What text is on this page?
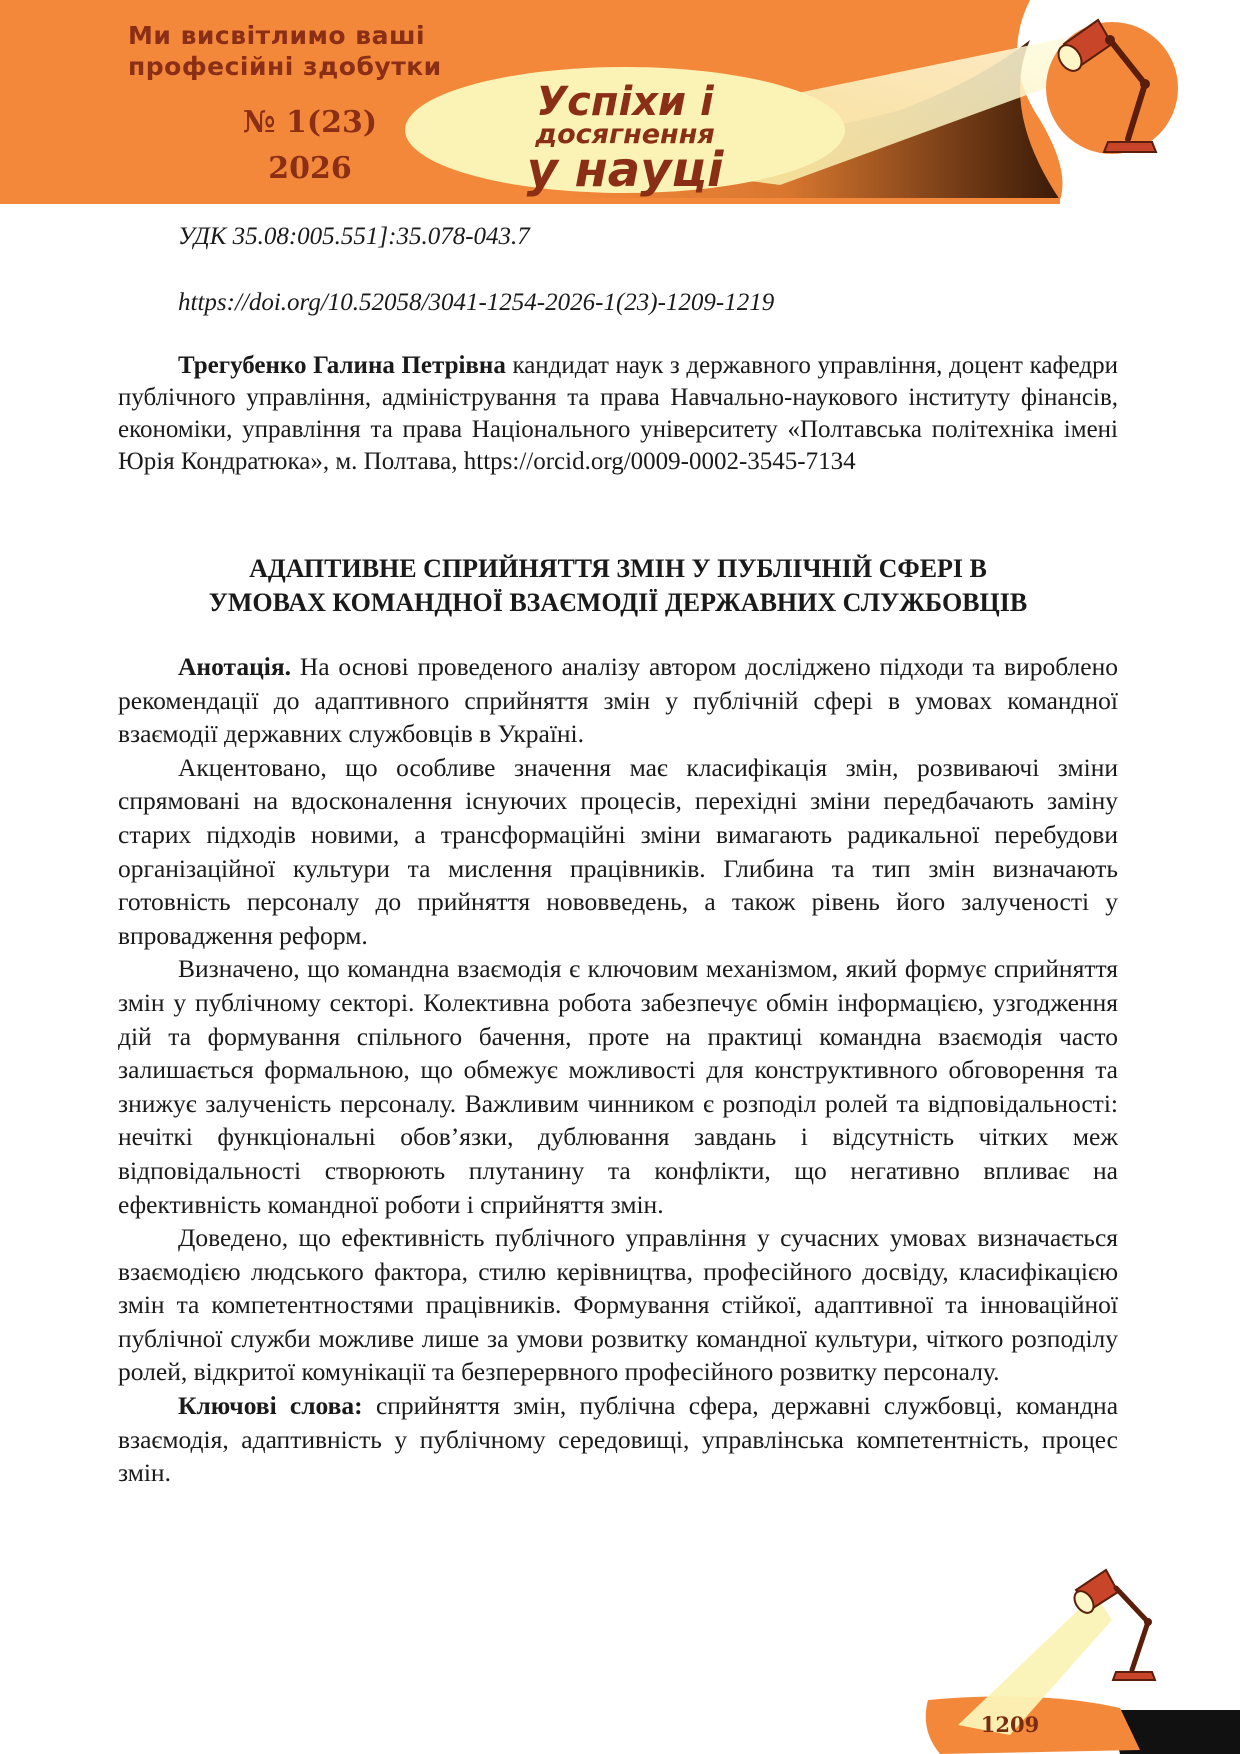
Ми висвітлимо ваші
професійні здобутки
№ 1(23)
2026
Успіхи і
досягнення
у науці
УДК 35.08:005.551]:35.078-043.7
https://doi.org/10.52058/3041-1254-2026-1(23)-1209-1219
Трегубенко Галина Петрівна кандидат наук з державного управління, доцент кафедри публічного управління, адміністрування та права Навчально-наукового інституту фінансів, економіки, управління та права Національного університету «Полтавська політехніка імені Юрія Кондратюка», м. Полтава, https://orcid.org/0009-0002-3545-7134
АДАПТИВНЕ СПРИЙНЯТТЯ ЗМІН У ПУБЛІЧНІЙ СФЕРІ В
УМОВАХ КОМАНДНОЇ ВЗАЄМОДІЇ ДЕРЖАВНИХ СЛУЖБОВЦІВ

Анотація. На основі проведеного аналізу автором досліджено підходи та вироблено рекомендації до адаптивного сприйняття змін у публічній сфері в умовах командної взаємодії державних службовців в Україні.

Акцентовано, що особливе значення має класифікація змін, розвиваючі зміни спрямовані на вдосконалення існуючих процесів, перехідні зміни передбачають заміну старих підходів новими, а трансформаційні зміни вимагають радикальної перебудови організаційної культури та мислення працівників. Глибина та тип змін визначають готовність персоналу до прийняття нововведень, а також рівень його залученості у впровадження реформ.

Визначено, що командна взаємодія є ключовим механізмом, який формує сприйняття змін у публічному секторі. Колективна робота забезпечує обмін інформацією, узгодження дій та формування спільного бачення, проте на практиці командна взаємодія часто залишається формальною, що обмежує можливості для конструктивного обговорення та знижує залученість персоналу. Важливим чинником є розподіл ролей та відповідальності: нечіткі функціональні обов’язки, дублювання завдань і відсутність чітких меж відповідальності створюють плутанину та конфлікти, що негативно впливає на ефективність командної роботи і сприйняття змін.

Доведено, що ефективність публічного управління у сучасних умовах визначається взаємодією людського фактора, стилю керівництва, професійного досвіду, класифікацією змін та компетентностями працівників. Формування стійкої, адаптивної та інноваційної публічної служби можливе лише за умови розвитку командної культури, чіткого розподілу ролей, відкритої комунікації та безперервного професійного розвитку персоналу.

Ключові слова: сприйняття змін, публічна сфера, державні службовці, командна взаємодія, адаптивність у публічному середовищі, управлінська компетентність, процес змін.

1209
